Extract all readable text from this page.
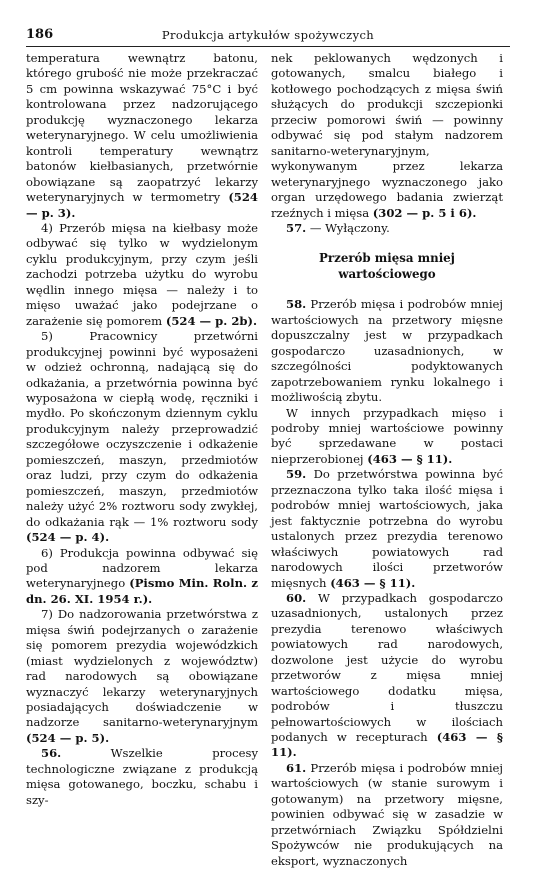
186	Produkcja artykułów spożywczych

temperatura wewnątrz batonu, którego grubość nie może przekraczać 5 cm powinna wskazywać 75°C i być kontrolowana przez nadzorującego produkcję wyznaczonego lekarza weterynaryjnego. W celu umożliwienia kontroli temperatury wewnątrz batonów kiełbasianych, przetwórnie obowiązane są zaopatrzyć lekarzy weterynaryjnych w termometry (524 — p. 3).

4) Przerób mięsa na kiełbasy może odbywać się tylko w wydzielonym cyklu produkcyjnym, przy czym jeśli zachodzi potrzeba użytku do wyrobu wędlin innego mięsa — należy i to mięso uważać jako podejrzane o zarażenie się pomorem (524 — p. 2b).

5) Pracownicy przetwórni produkcyjnej powinni być wyposażeni w odzież ochronną, nadającą się do odkażania, a przetwórnia powinna być wyposażona w ciepłą wodę, ręczniki i mydło. Po skończonym dziennym cyklu produkcyjnym należy przeprowadzić szczegółowe oczyszczenie i odkażenie pomieszczeń, maszyn, przedmiotów oraz ludzi, przy czym do odkażenia pomieszczeń, maszyn, przedmiotów należy użyć 2% roztworu sody zwykłej, do odkażania rąk — 1% roztworu sody (524 — p. 4).

6) Produkcja powinna odbywać się pod nadzorem lekarza weterynaryjnego (Pismo Min. Roln. z dn. 26. XI. 1954 r.).

7) Do nadzorowania przetwórstwa z mięsa świń podejrzanych o zarażenie się pomorem prezydia wojewódzkich (miast wydzielonych z województw) rad narodowych są obowiązane wyznaczyć lekarzy weterynaryjnych posiadających doświadczenie w nadzorze sanitarno-weterynaryjnym (524 — p. 5).

56. Wszelkie procesy technologiczne związane z produkcją mięsa gotowanego, boczku, schabu i szy-

nek peklowanych wędzonych i gotowanych, smalcu białego i kotłowego pochodzących z mięsa świń służących do produkcji szczepionki przeciw pomorowi świń — powinny odbywać się pod stałym nadzorem sanitarno-weterynaryjnym, wykonywanym przez lekarza weterynaryjnego wyznaczonego jako organ urzędowego badania zwierząt rzeźnych i mięsa (302 — p. 5 i 6).

57. — Wyłączony.

Przerób mięsa mniej wartościowego

58. Przerób mięsa i podrobów mniej wartościowych na przetwory mięsne dopuszczalny jest w przypadkach gospodarczo uzasadnionych, w szczególności podyktowanych zapotrzebowaniem rynku lokalnego i możliwością zbytu.

W innych przypadkach mięso i podroby mniej wartościowe powinny być sprzedawane w postaci nieprzerobionej (463 — § 11).

59. Do przetwórstwa powinna być przeznaczona tylko taka ilość mięsa i podrobów mniej wartościowych, jaka jest faktycznie potrzebna do wyrobu ustalonych przez prezydia terenowo właściwych powiatowych rad narodowych ilości przetworów mięsnych (463 — § 11).

60. W przypadkach gospodarczo uzasadnionych, ustalonych przez prezydia terenowo właściwych powiatowych rad narodowych, dozwolone jest użycie do wyrobu przetworów z mięsa mniej wartościowego dodatku mięsa, podrobów i tłuszczu pełnowartościowych w ilościach podanych w recepturach (463 — § 11).

61. Przerób mięsa i podrobów mniej wartościowych (w stanie surowym i gotowanym) na przetwory mięsne, powinien odbywać się w zasadzie w przetwórniach Związku Spółdzielni Spożywców nie produkujących na eksport, wyznaczonych
